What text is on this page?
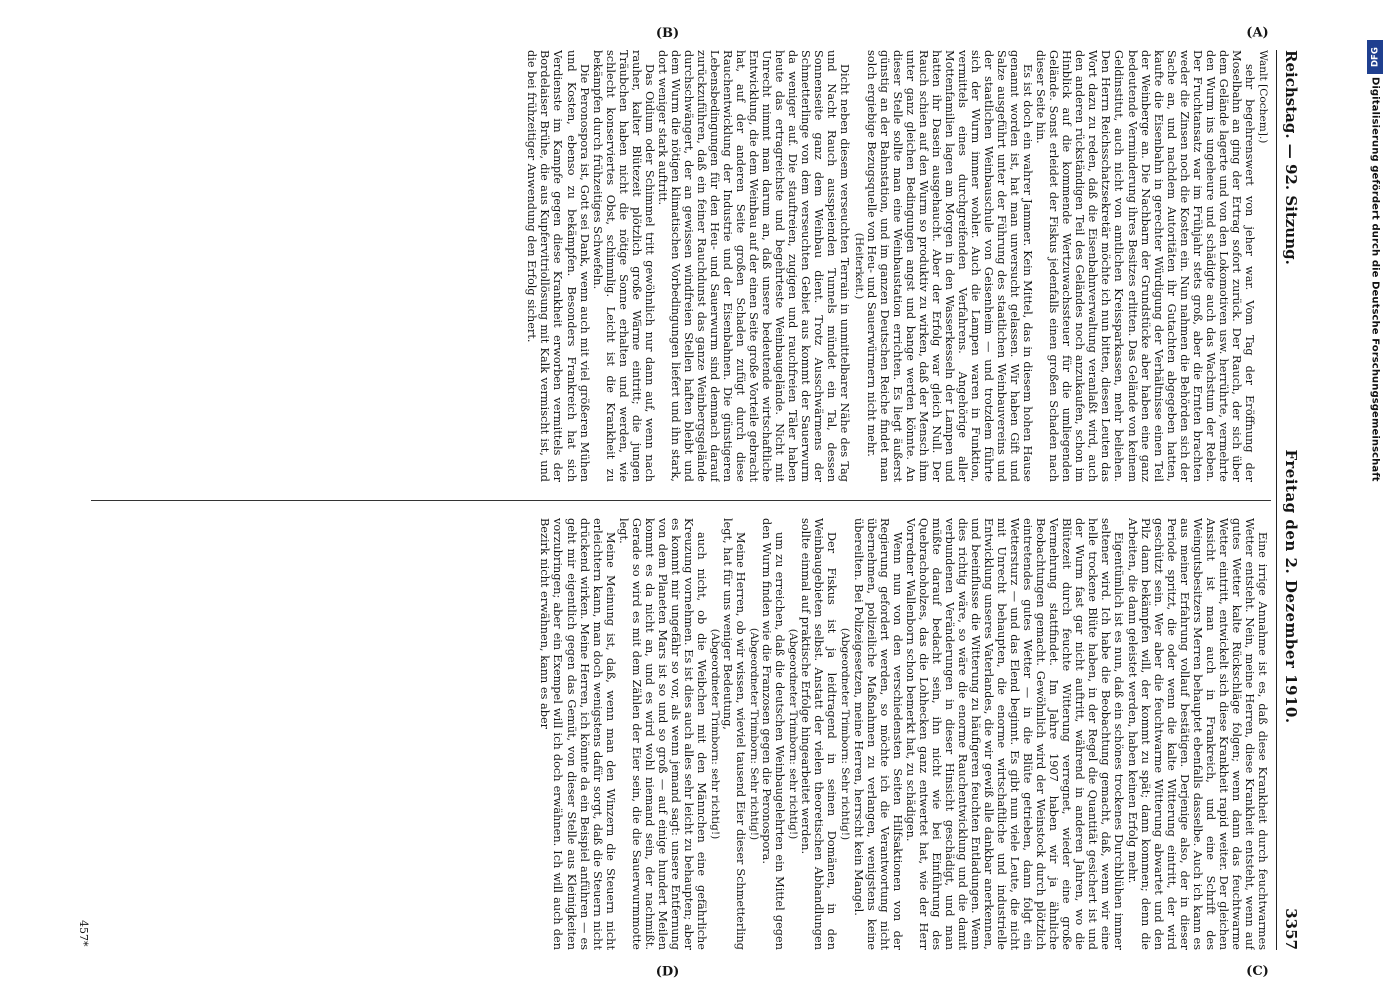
Reichstag. — 92. Sitzung.
Freitag den 2. Dezember 1910.
3357

Wanlt [Cochem].)

sehr begehrenswert von jeher war. Vom Tag der Eröffnung der Moselbahn an ging der Ertrag sofort zurück. Der Rauch, der sich über dem Gelände lagerte und von den Lokomotiven usw. herrührte, vermehrte den Wurm ins ungeheure und schädigte auch das Wachstum der Reben. Der Fruchtansatz war im Frühjahr stets groß, aber die Ernten brachten weder die Zinsen noch die Kosten ein. Nun nahmen die Behörden sich der Sache an, und nachdem Autoritäten ihr Gutachten abgegeben hatten, kaufte die Eisenbahn in gerechter Würdigung der Verhältnisse einen Teil der Weinberge an. Die Nachbarn der Grundstücke aber haben eine ganz bedeutende Verminderung ihres Besitzes erlitten. Das Gelände von keinem Geldinstitut, auch nicht von amtlichen Kreissparkassen, mehr beliehen. Den Herrn Reichsschatzsekretär möchte ich nun bitten, diesen Leuten das Wort dazu zu reden, daß die Eisenbahnverwaltung veranlaßt wird, auch den anderen rückständigen Teil des Geländes noch anzukaufen, schon im Hinblick auf die kommende Wertzuwachssteuer für die umliegenden Gelände. Sonst erleidet der Fiskus jedenfalls einen großen Schaden nach dieser Seite hin.

Es ist doch ein wahrer Jammer. Kein Mittel, das in diesem hohen Hause genannt worden ist, hat man unversucht gelassen. Wir haben Gift und Salze ausgeführt unter der Führung des staatlichen Weinbauvereins und der staatlichen Weinbauschule von Geisenheim — und trotzdem führte sich der Wurm immer wohler. Auch die Lampen waren in Funktion, vermittels eines durchgreifenden Verfahrens. Angehörige aller Mottenfamilien lagen am Morgen in den Wasserkesseln der Lampen und hatten ihr Dasein ausgehaucht. Aber der Erfolg war gleich Null. Der Rauch schien auf den Wurm so produktiv zu wirken, daß der Mensch ihm unter ganz gleichen Bedingungen angst und bange werden könnte. An dieser Stelle sollte man eine Weinbaustation errichten. Es liegt äußerst günstig an der Bahnstation, und im ganzen Deutschen Reiche findet man solch ergiebige Bezugsquelle von Heu- und Sauerwürmern nicht mehr.

(Heiterkeit.)

Dicht neben diesem verseuchten Terrain in unmittelbarer Nähe des Tag und Nacht Rauch ausspeienden Tunnels mündet ein Tal, dessen Sonnenseite ganz dem Weinbau dient. Trotz Ausschwärmens der Schmetterlinge von dem verseuchten Gebiet aus kommt der Sauerwurm da weniger auf. Die stauftreien, zugigen und rauchfreien Täler haben heute das ertragreichste und begehrteste Weinbaugelände. Nicht mit Unrecht nimmt man darum an, daß unsere bedeutende wirtschaftliche Entwicklung, die dem Weinbau auf der einen Seite große Vorteile gebracht hat, auf der anderen Seite großen Schaden zufügt durch diese Rauchentwicklung der Industrie und der Eisenbahnen. Die günstigeren Lebensbedingungen für den Heu- und Sauerwurm sind demnach darauf zurückzuführen, daß ein feiner Rauchdunst das ganze Weinbergsgelände durchschwängert, der an gewissen windfreien Stellen haften bleibt und dem Wurm die nötigen klimatischen Vorbedingungen liefert und ihn stark, dort weniger stark auftritt.

Das Oidium oder Schimmel tritt gewöhnlich nur dann auf, wenn nach rauher, kalter Blütezeit plötzlich große Wärme eintritt; die jungen Träubchen haben nicht die nötige Sonne erhalten und werden, wie schlecht konserviertes Obst, schimmlig. Leicht ist die Krankheit zu bekämpfen durch frühzeitiges Schwefeln.

Die Peronospora ist, Gott sei Dank, wenn auch mit viel größeren Mühen und Kosten, ebenso zu bekämpfen. Besonders Frankreich hat sich Verdienste im Kampfe gegen diese Krankheit erworben vermittels der Bordelaiser Brühe, die aus Kupfervitriollösung mit Kalk vermischt ist, und die bei frühzeitiger Anwendung den Erfolg sichert.

Eine irrige Annahme ist es, daß diese Krankheit durch feuchtwarmes Wetter entsteht. Nein, meine Herren, diese Krankheit entsteht, wenn auf gutes Wetter kalte Rückschläge folgen; wenn dann das feuchtwarme Wetter eintritt, entwickelt sich diese Krankheit rapid weiter. Der gleichen Ansicht ist man auch in Frankreich, und eine Schrift des Weingutsbesitzers Merren behauptet ebenfalls dasselbe. Auch ich kann es aus meiner Erfahrung vollauf bestätigen. Derjenige also, der in dieser Periode spritzt, die oder wenn die kalte Witterung eintritt, der wird geschützt sein. Wer aber die feuchtwarme Witterung abwartet und den Pilz dann bekämpfen will, der kommt zu spät; dann kommen; denn die Arbeiten, die dann geleistet werden, haben keinen Erfolg mehr.

Eigentümlich ist es nun, daß ein schönes trockenes Durchblühen immer seltener wird. Ich habe die Beobachtung gemacht, daß, wenn wir eine helle trockene Blüte haben, in der Regel die Quantität gesichert ist und der Wurm fast gar nicht auftritt, während in anderen Jahren, wo die Blütezeit durch feuchte Witterung verregnet, wieder eine große Vermehrung stattfindet. Im Jahre 1907 haben wir ja ähnliche Beobachtungen gemacht. Gewöhnlich wird der Weinstock durch plötzlich eintretendes gutes Wetter — in die Blüte getrieben, dann folgt ein Wettersturz — und das Elend beginnt. Es gibt nun viele Leute, die nicht mit Unrecht behaupten, die enorme wirtschaftliche und industrielle Entwicklung unseres Vaterlandes, die wir gewiß alle dankbar anerkennen, und beeinflusse die Witterung zu häufigeren feuchten Entladungen. Wenn dies richtig wäre, so wäre die enorme Rauchentwicklung und die damit verbundenen Veränderungen in dieser Hinsicht geschädigt, und man müßte darauf bedacht sein, ihn nicht wie bei Einführung des Quebrachoholzes, das die Lohhecken ganz entwertet hat, wie der Herr Vorredner Wallenborn schon bemerkt hat, zu schädigen.

Wenn nun von den verschiedensten Seiten Hilfsaktionen von der Regierung gefordert werden, so möchte ich die Verantwortung nicht übernehmen, polizeiliche Maßnahmen zu verlangen, wenigstens keine übereilten. Bei Polizeigesetzen, meine Herren, herrscht kein Mangel.

(Abgeordneter Trimborn: Sehr richtig!)

Der Fiskus ist ja leidtragend in seinen Domänen, in den Weinbaugebieten selbst. Anstatt der vielen theoretischen Abhandlungen sollte einmal auf praktische Erfolge hingearbeitet werden.

(Abgeordneter Trimborn: sehr richtig!)

um zu erreichen, daß die deutschen Weinbaugelehrten ein Mittel gegen den Wurm finden wie die Franzosen gegen die Peronospora.

(Abgeordneter Trimborn: Sehr richtig!)

Meine Herren, ob wir wissen, wieviel tausend Eier dieser Schmetterling legt, hat für uns weniger Bedeutung,

(Abgeordneter Trimborn: sehr richtig!)

auch nicht, ob die Weibchen mit den Männchen eine gefährliche Kreuzung vornehmen. Es ist dies auch alles sehr leicht zu behaupten; aber es kommt mir ungefähr so vor, als wenn jemand sagt: unsere Entfernung von dem Planeten Mars ist so und so groß — auf einige hundert Meilen kommt es da nicht an, und es wird wohl niemand sein, der nachmißt. Gerade so wird es mit dem Zählen der Eier sein, die die Sauerwurmmotte legt.

Meine Meinung ist, daß, wenn man den Winzern die Steuern nicht erleichtern kann, man doch wenigstens dafür sorgt, daß die Steuern nicht drückend wirken. Meine Herren, ich könnte da ein Beispiel anführen — es geht mir eigentlich gegen das Gemüt, von dieser Stelle aus Kleinigkeiten vorzubringen; aber ein Exempel will ich doch erwähnen. Ich will auch den Bezirk nicht erwähnen, kann es aber

(A)
(B)
(C)
(D)
457*
DFG
Digitalisierung gefördert durch die Deutsche Forschungsgemeinschaft
